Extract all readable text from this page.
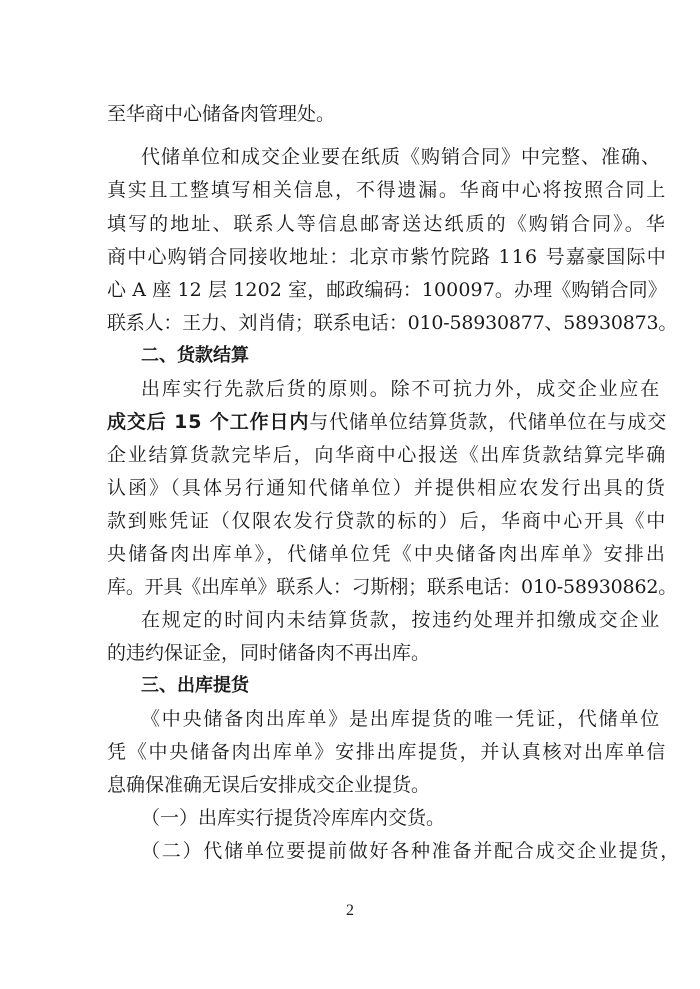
至华商中心储备肉管理处。
代储单位和成交企业要在纸质《购销合同》中完整、准确、
真实且工整填写相关信息，不得遗漏。华商中心将按照合同上
填写的地址、联系人等信息邮寄送达纸质的《购销合同》。华
商中心购销合同接收地址：北京市紫竹院路 116 号嘉豪国际中
心 A 座 12 层 1202 室，邮政编码：100097。办理《购销合同》
联系人：王力、刘肖倩；联系电话：010-58930877、58930873。
二、货款结算
出库实行先款后货的原则。除不可抗力外，成交企业应在
成交后 15 个工作日内与代储单位结算货款，代储单位在与成交
企业结算货款完毕后，向华商中心报送《出库货款结算完毕确
认函》（具体另行通知代储单位）并提供相应农发行出具的货
款到账凭证（仅限农发行贷款的标的）后，华商中心开具《中
央储备肉出库单》，代储单位凭《中央储备肉出库单》安排出
库。开具《出库单》联系人：刁斯栩；联系电话：010-58930862。
在规定的时间内未结算货款，按违约处理并扣缴成交企业
的违约保证金，同时储备肉不再出库。
三、出库提货
《中央储备肉出库单》是出库提货的唯一凭证，代储单位
凭《中央储备肉出库单》安排出库提货，并认真核对出库单信
息确保准确无误后安排成交企业提货。
（一）出库实行提货冷库库内交货。
（二）代储单位要提前做好各种准备并配合成交企业提货，
2
